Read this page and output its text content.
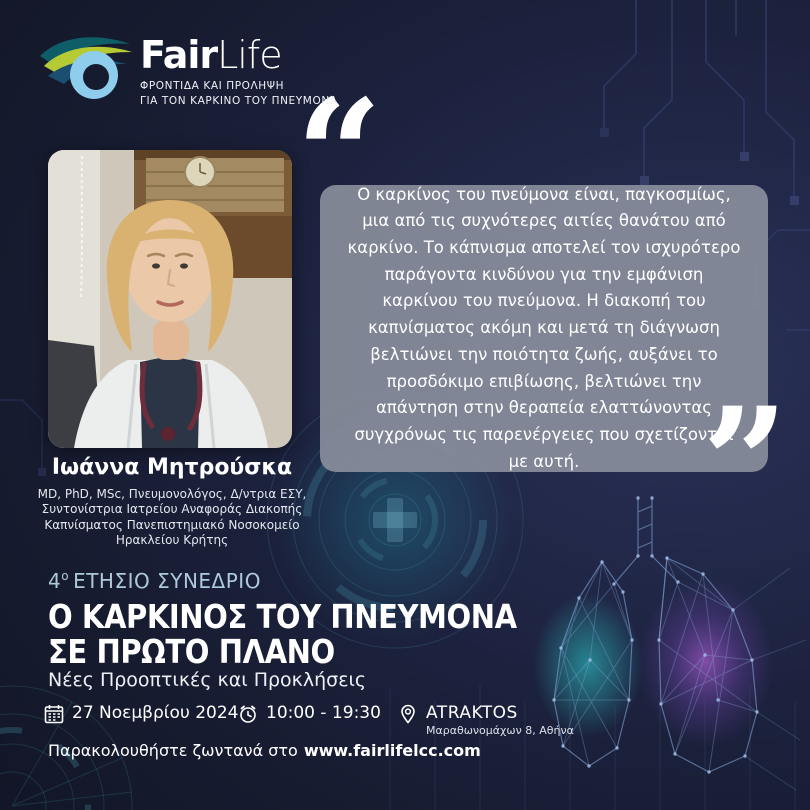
FairLife
ΦΡΟΝΤΙΔΑ ΚΑΙ ΠΡΟΛΗΨΗ
ΓΙΑ ΤΟΝ ΚΑΡΚΙΝΟ ΤΟΥ ΠΝΕΥΜΟΝΑ
Ιωάννα Μητρούσκα
MD, PhD, MSc, Πνευμονολόγος, Δ/ντρια ΕΣΥ,
Συντονίστρια Ιατρείου Αναφοράς Διακοπής
Καπνίσματος Πανεπιστημιακό Νοσοκομείο
Ηρακλείου Κρήτης
“
Ο καρκίνος του πνεύμονα είναι, παγκοσμίως, μια από τις συχνότερες αιτίες θανάτου από καρκίνο. Το κάπνισμα αποτελεί τον ισχυρότερο παράγοντα κινδύνου για την εμφάνιση καρκίνου του πνεύμονα. Η διακοπή του καπνίσματος ακόμη και μετά τη διάγνωση βελτιώνει την ποιότητα ζωής, αυξάνει το προσδόκιμο επιβίωσης, βελτιώνει την απάντηση στην θεραπεία ελαττώνοντας συγχρόνως τις παρενέργειες που σχετίζονται με αυτή. ”
$4^o$ ΕΤΗΣΙΟ ΣΥΝΕΔΡΙΟ
Ο ΚΑΡΚΙΝΟΣ ΤΟΥ ΠΝΕΥΜΟΝΑ
ΣΕ ΠΡΩΤΟ ΠΛΑΝΟ
Νέες Προοπτικές και Προκλήσεις
27 Νοεμβρίου 2024 10:00 - 19:30	ATRAKTOS
Μαραθωνομάχων 8, Αθήνα
Παρακολουθήστε ζωντανά στο www.fairlifelcc.com
